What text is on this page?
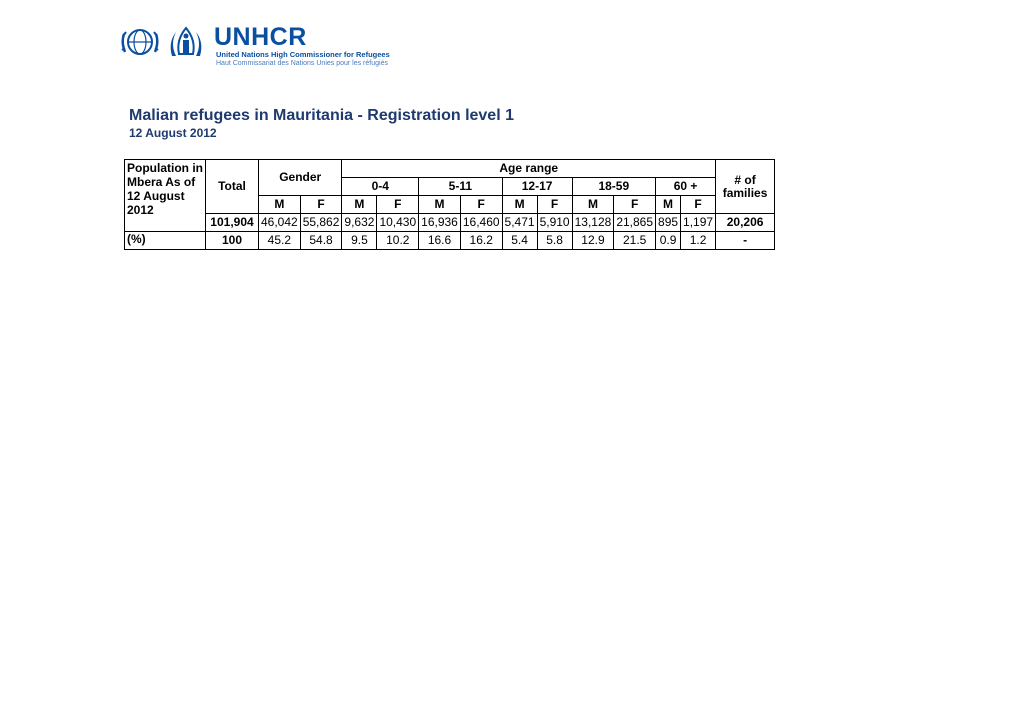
UNHCR
United Nations High Commissioner for Refugees
Haut Commissariat des Nations Unies pour les réfugiés
Malian refugees in Mauritania - Registration level 1
12 August 2012
Population in Mbera As of 12 August 2012	Total	Gender		Age range										# of families
				0-4		5-11		12-17		18-59		60 +		
		M	F	M	F	M	F	M	F	M	F	M	F	
	101,904	46,042	55,862	9,632	10,430	16,936	16,460	5,471	5,910	13,128	21,865	895	1,197	20,206
(%)	100	45.2	54.8	9.5	10.2	16.6	16.2	5.4	5.8	12.9	21.5	0.9	1.2	-
